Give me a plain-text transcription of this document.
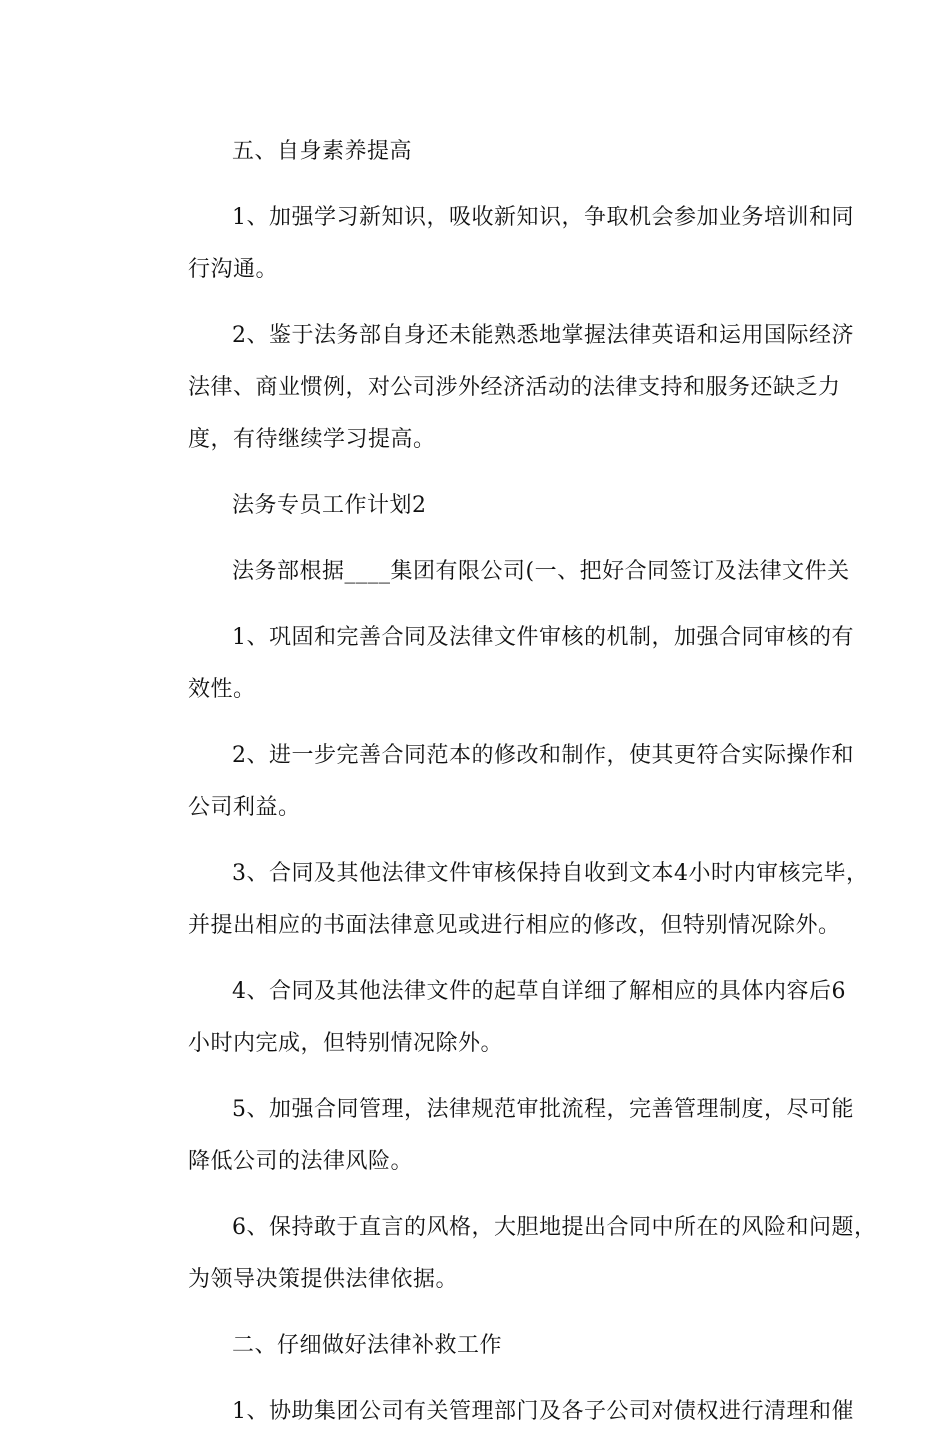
五、自身素养提高
1、加强学习新知识，吸收新知识，争取机会参加业务培训和同
行沟通。
2、鉴于法务部自身还未能熟悉地掌握法律英语和运用国际经济
法律、商业惯例，对公司涉外经济活动的法律支持和服务还缺乏力
度，有待继续学习提高。
法务专员工作计划2
法务部根据____集团有限公司(一、把好合同签订及法律文件关
1、巩固和完善合同及法律文件审核的机制，加强合同审核的有
效性。
2、进一步完善合同范本的修改和制作，使其更符合实际操作和
公司利益。
3、合同及其他法律文件审核保持自收到文本4小时内审核完毕，
并提出相应的书面法律意见或进行相应的修改，但特别情况除外。
4、合同及其他法律文件的起草自详细了解相应的具体内容后6
小时内完成，但特别情况除外。
5、加强合同管理，法律规范审批流程，完善管理制度，尽可能
降低公司的法律风险。
6、保持敢于直言的风格，大胆地提出合同中所在的风险和问题，
为领导决策提供法律依据。
二、仔细做好法律补救工作
1、协助集团公司有关管理部门及各子公司对债权进行清理和催
